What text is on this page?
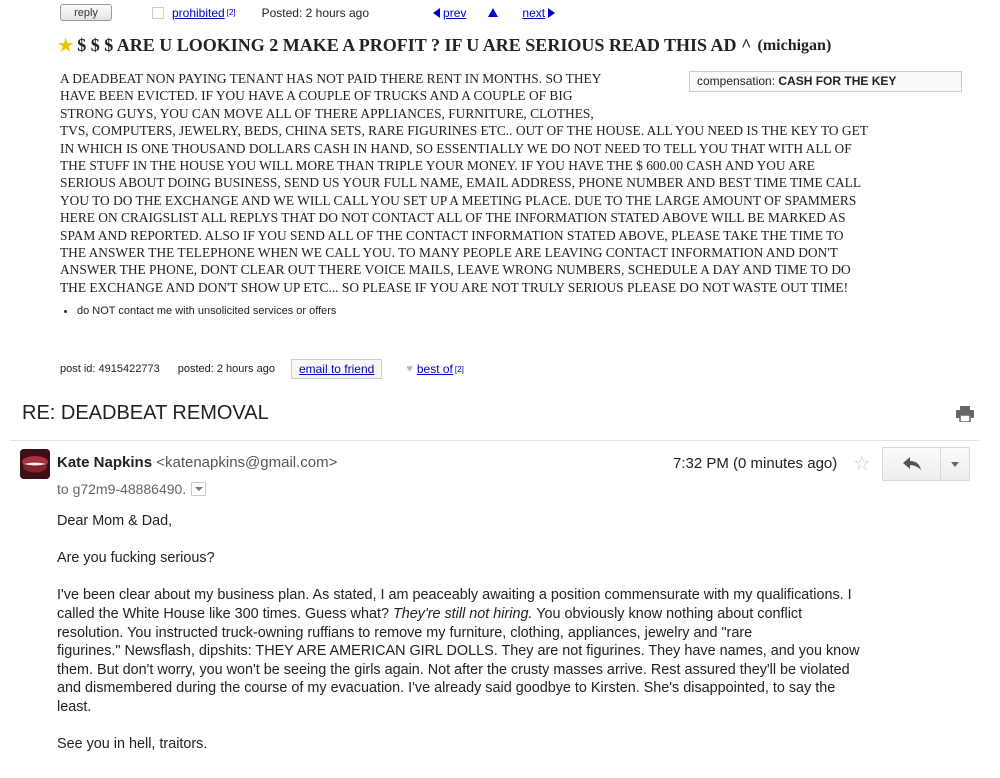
reply	prohibited [2] Posted: 2 hours ago	prev	next
★ $ $ $ ARE U LOOKING 2 MAKE A PROFIT ? IF U ARE SERIOUS READ THIS AD ^ (michigan)
compensation: CASH FOR THE KEY
A DEADBEAT NON PAYING TENANT HAS NOT PAID THERE RENT IN MONTHS. SO THEY
HAVE BEEN EVICTED. IF YOU HAVE A COUPLE OF TRUCKS AND A COUPLE OF BIG
STRONG GUYS, YOU CAN MOVE ALL OF THERE APPLIANCES, FURNITURE, CLOTHES,
TVS, COMPUTERS, JEWELRY, BEDS, CHINA SETS, RARE FIGURINES ETC.. OUT OF THE HOUSE. ALL YOU NEED IS THE KEY TO GET
IN WHICH IS ONE THOUSAND DOLLARS CASH IN HAND, SO ESSENTIALLY WE DO NOT NEED TO TELL YOU THAT WITH ALL OF
THE STUFF IN THE HOUSE YOU WILL MORE THAN TRIPLE YOUR MONEY. IF YOU HAVE THE $ 600.00 CASH AND YOU ARE
SERIOUS ABOUT DOING BUSINESS, SEND US YOUR FULL NAME, EMAIL ADDRESS, PHONE NUMBER AND BEST TIME TIME CALL
YOU TO DO THE EXCHANGE AND WE WILL CALL YOU SET UP A MEETING PLACE. DUE TO THE LARGE AMOUNT OF SPAMMERS
HERE ON CRAIGSLIST ALL REPLYS THAT DO NOT CONTACT ALL OF THE INFORMATION STATED ABOVE WILL BE MARKED AS
SPAM AND REPORTED. ALSO IF YOU SEND ALL OF THE CONTACT INFORMATION STATED ABOVE, PLEASE TAKE THE TIME TO
THE ANSWER THE TELEPHONE WHEN WE CALL YOU. TO MANY PEOPLE ARE LEAVING CONTACT INFORMATION AND DON'T
ANSWER THE PHONE, DONT CLEAR OUT THERE VOICE MAILS, LEAVE WRONG NUMBERS, SCHEDULE A DAY AND TIME TO DO
THE EXCHANGE AND DON'T SHOW UP ETC... SO PLEASE IF YOU ARE NOT TRULY SERIOUS PLEASE DO NOT WASTE OUT TIME!
do NOT contact me with unsolicited services or offers
post id: 4915422773 posted: 2 hours ago	email to friend	♥ best of [2]
RE: DEADBEAT REMOVAL
Kate Napkins <katenapkins@gmail.com>
to g72m9-48886490.
7:32 PM (0 minutes ago) ☆

Dear Mom & Dad,

Are you fucking serious?

I've been clear about my business plan. As stated, I am peaceably awaiting a position commensurate with my qualifications. I

called the White House like 300 times. Guess what? They're still not hiring. You obviously know nothing about conflict

resolution. You instructed truck-owning ruffians to remove my furniture, clothing, appliances, jewelry and "rare

figurines." Newsflash, dipshits: THEY ARE AMERICAN GIRL DOLLS. They are not figurines. They have names, and you know

them. But don't worry, you won't be seeing the girls again. Not after the crusty masses arrive. Rest assured they'll be violated

and dismembered during the course of my evacuation. I've already said goodbye to Kirsten. She's disappointed, to say the

least.

See you in hell, traitors.
